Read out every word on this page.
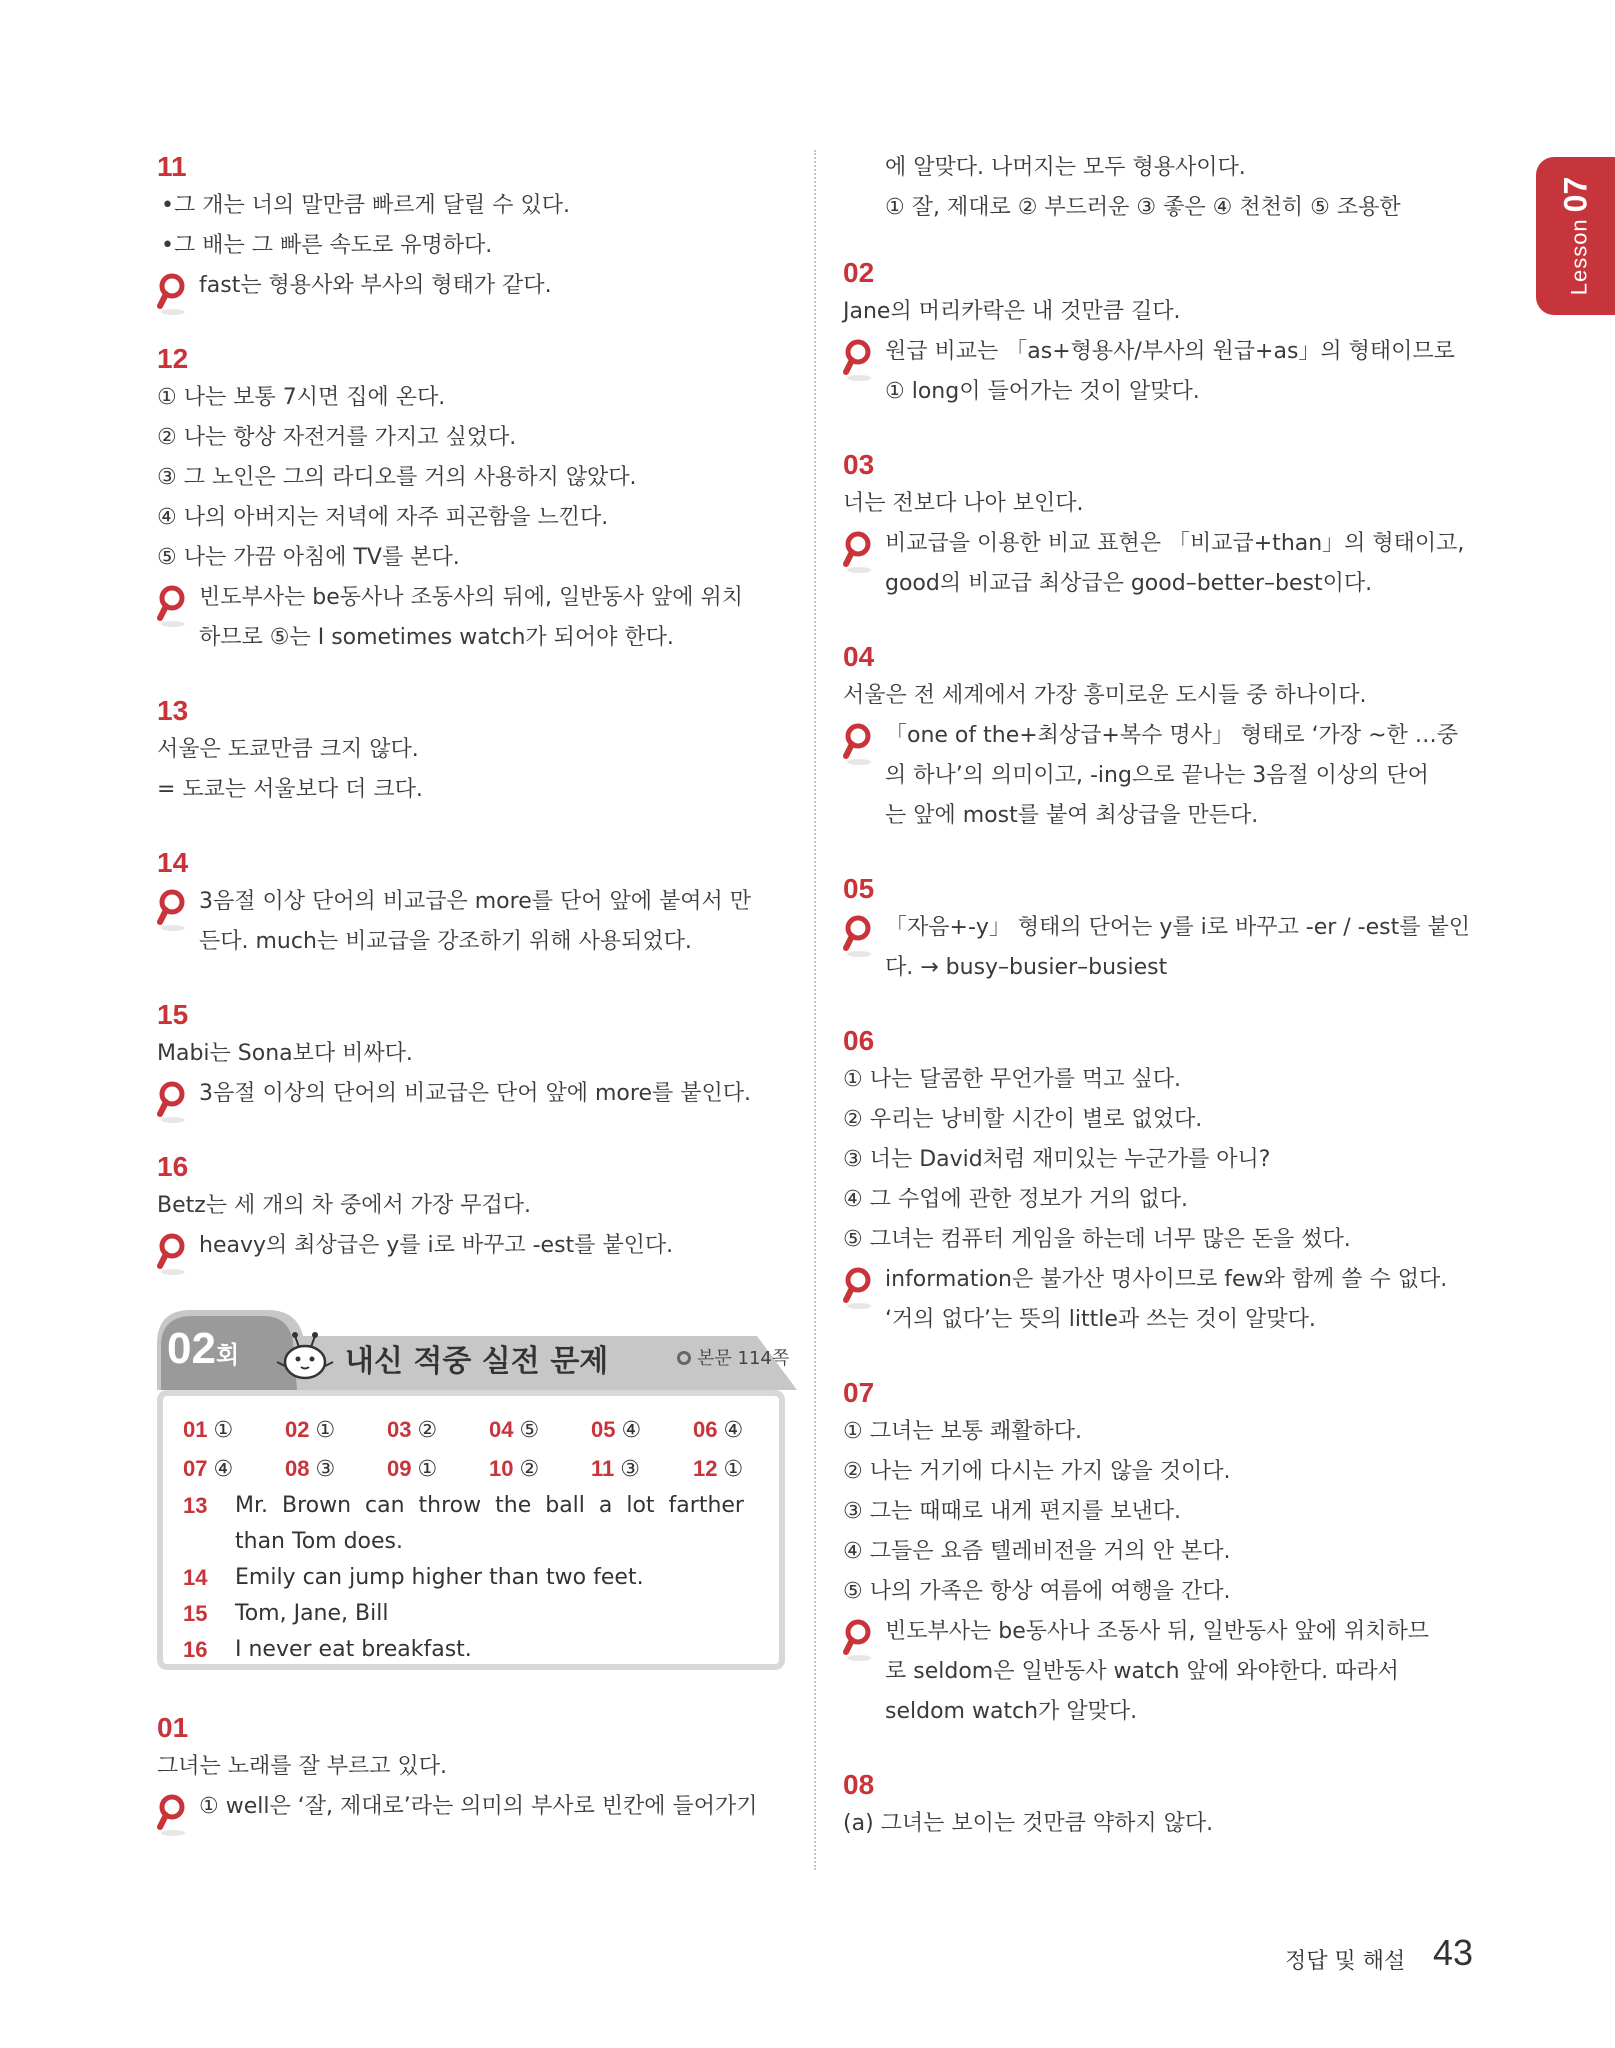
Lesson07
11
•그 개는 너의 말만큼 빠르게 달릴 수 있다.
•그 배는 그 빠른 속도로 유명하다.
fast는 형용사와 부사의 형태가 같다.
12
① 나는 보통 7시면 집에 온다.
② 나는 항상 자전거를 가지고 싶었다.
③ 그 노인은 그의 라디오를 거의 사용하지 않았다.
④ 나의 아버지는 저녁에 자주 피곤함을 느낀다.
⑤ 나는 가끔 아침에 TV를 본다.
빈도부사는 be동사나 조동사의 뒤에, 일반동사 앞에 위치
하므로 ⑤는 I sometimes watch가 되어야 한다.
13
서울은 도쿄만큼 크지 않다.
= 도쿄는 서울보다 더 크다.
14
3음절 이상 단어의 비교급은 more를 단어 앞에 붙여서 만
든다. much는 비교급을 강조하기 위해 사용되었다.
15
Mabi는 Sona보다 비싸다.
3음절 이상의 단어의 비교급은 단어 앞에 more를 붙인다.
16
Betz는 세 개의 차 중에서 가장 무겁다.
heavy의 최상급은 y를 i로 바꾸고 -est를 붙인다.
02회	내신 적중 실전 문제	본문 114쪽
01 ①	02 ①	03 ②	04 ⑤	05 ④	06 ④
07 ④	08 ③	09 ①	10 ②	11 ③	12 ①
13	Mr. Brown can throw the ball a lot farther
than Tom does.
14	Emily can jump higher than two feet.
15	Tom, Jane, Bill
16	I never eat breakfast.
01
그녀는 노래를 잘 부르고 있다.
① well은 ‘잘, 제대로’라는 의미의 부사로 빈칸에 들어가기
에 알맞다. 나머지는 모두 형용사이다.
① 잘, 제대로 ② 부드러운 ③ 좋은 ④ 천천히 ⑤ 조용한
02
Jane의 머리카락은 내 것만큼 길다.
원급 비교는 「as+형용사/부사의 원급+as」의 형태이므로
① long이 들어가는 것이 알맞다.
03
너는 전보다 나아 보인다.
비교급을 이용한 비교 표현은 「비교급+than」의 형태이고,
good의 비교급 최상급은 good–better–best이다.
04
서울은 전 세계에서 가장 흥미로운 도시들 중 하나이다.
「one of the+최상급+복수 명사」 형태로 ‘가장 ~한 …중
의 하나’의 의미이고, -ing으로 끝나는 3음절 이상의 단어
는 앞에 most를 붙여 최상급을 만든다.
05
「자음+-y」 형태의 단어는 y를 i로 바꾸고 -er / -est를 붙인
다. → busy–busier–busiest
06
① 나는 달콤한 무언가를 먹고 싶다.
② 우리는 낭비할 시간이 별로 없었다.
③ 너는 David처럼 재미있는 누군가를 아니?
④ 그 수업에 관한 정보가 거의 없다.
⑤ 그녀는 컴퓨터 게임을 하는데 너무 많은 돈을 썼다.
information은 불가산 명사이므로 few와 함께 쓸 수 없다.
‘거의 없다’는 뜻의 little과 쓰는 것이 알맞다.
07
① 그녀는 보통 쾌활하다.
② 나는 거기에 다시는 가지 않을 것이다.
③ 그는 때때로 내게 편지를 보낸다.
④ 그들은 요즘 텔레비전을 거의 안 본다.
⑤ 나의 가족은 항상 여름에 여행을 간다.
빈도부사는 be동사나 조동사 뒤, 일반동사 앞에 위치하므
로 seldom은 일반동사 watch 앞에 와야한다. 따라서
seldom watch가 알맞다.
08
(a) 그녀는 보이는 것만큼 약하지 않다.
정답 및 해설 43
